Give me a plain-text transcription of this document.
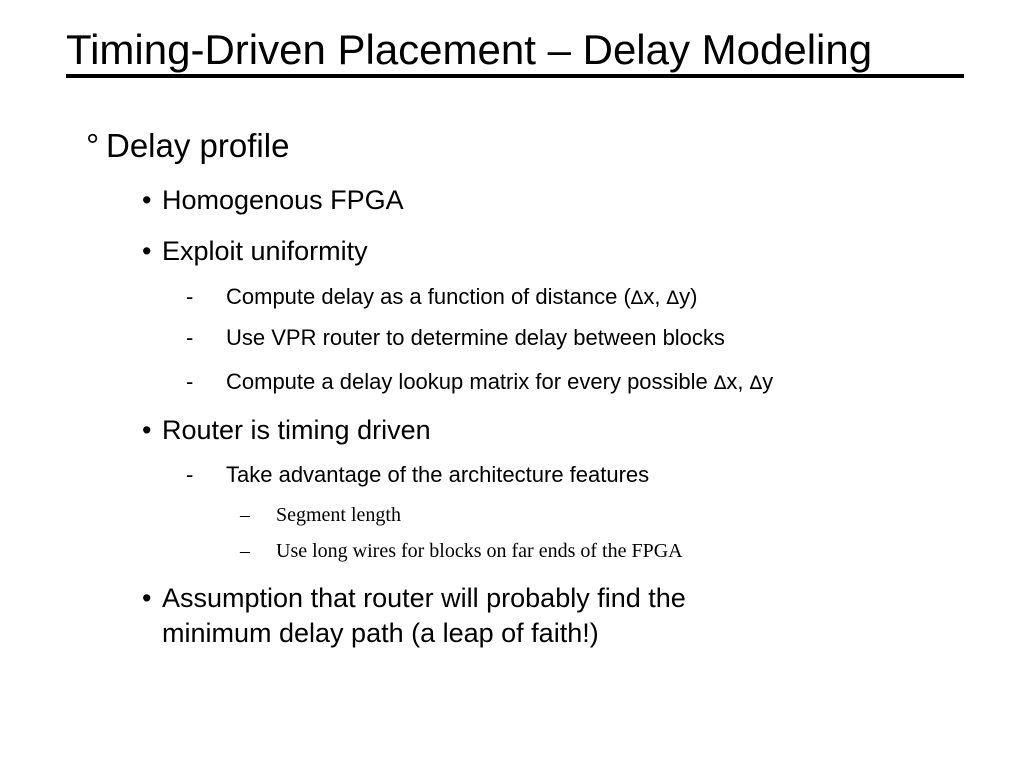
Timing-Driven Placement – Delay Modeling
° Delay profile
• Homogenous FPGA
• Exploit uniformity
- Compute delay as a function of distance (∆x, ∆y)
- Use VPR router to determine delay between blocks
- Compute a delay lookup matrix for every possible ∆x, ∆y
• Router is timing driven
- Take advantage of the architecture features
– Segment length
– Use long wires for blocks on far ends of the FPGA
• Assumption that router will probably find the
minimum delay path (a leap of faith!)
